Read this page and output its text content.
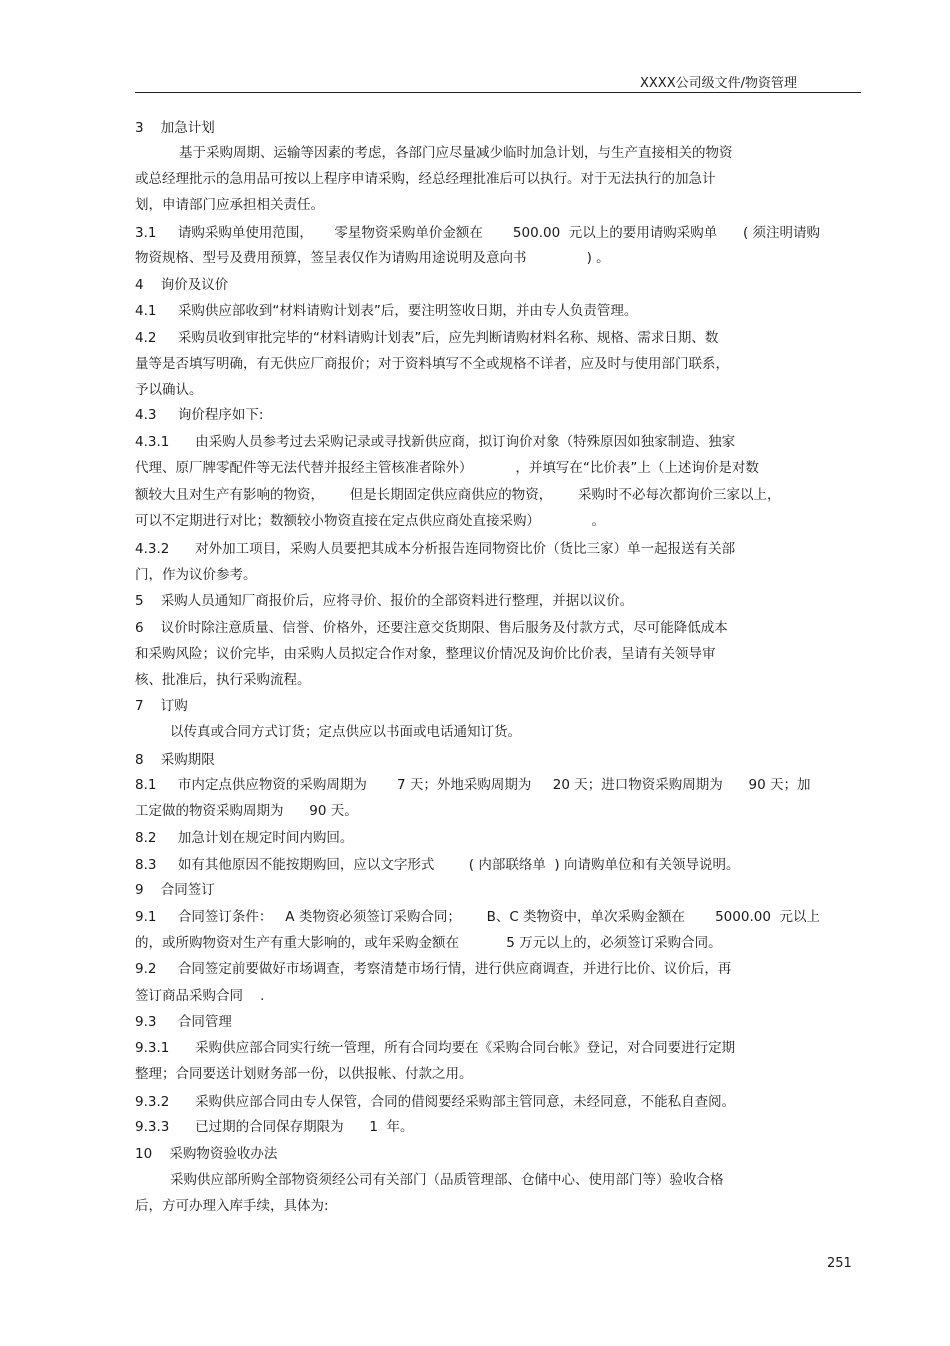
XXXX公司级文件/物资管理
3    加急计划
基于采购周期、运输等因素的考虑，各部门应尽量减少临时加急计划，与生产直接相关的物资
或总经理批示的急用品可按以上程序申请采购，经总经理批准后可以执行。对于无法执行的加急计
划，申请部门应承担相关责任。
3.1     请购采购单使用范围，     零星物资采购单价金额在       500.00  元以上的要用请购采购单      ( 须注明请购
物资规格、型号及费用预算，签呈表仅作为请购用途说明及意向书              ) 。
4    询价及议价
4.1     采购供应部收到“材料请购计划表”后，要注明签收日期，并由专人负责管理。
4.2     采购员收到审批完毕的“材料请购计划表”后，应先判断请购材料名称、规格、需求日期、数
量等是否填写明确，有无供应厂商报价；对于资料填写不全或规格不详者，应及时与使用部门联系，
予以确认。
4.3     询价程序如下:
4.3.1      由采购人员参考过去采购记录或寻找新供应商，拟订询价对象（特殊原因如独家制造、独家
代理、原厂牌零配件等无法代替并报经主管核准者除外）          ，并填写在“比价表”上（上述询价是对数
额较大且对生产有影响的物资，      但是长期固定供应商供应的物资，      采购时不必每次都询价三家以上，
可以不定期进行对比；数额较小物资直接在定点供应商处直接采购）            。
4.3.2      对外加工项目，采购人员要把其成本分析报告连同物资比价（货比三家）单一起报送有关部
门，作为议价参考。
5    采购人员通知厂商报价后，应将寻价、报价的全部资料进行整理，并据以议价。
6    议价时除注意质量、信誉、价格外，还要注意交货期限、售后服务及付款方式，尽可能降低成本
和采购风险；议价完毕，由采购人员拟定合作对象，整理议价情况及询价比价表，呈请有关领导审
核、批准后，执行采购流程。
7    订购
以传真或合同方式订货；定点供应以书面或电话通知订货。
8    采购期限
8.1     市内定点供应物资的采购周期为       7 天；外地采购周期为     20 天；进口物资采购周期为      90 天；加
工定做的物资采购周期为      90 天。
8.2     加急计划在规定时间内购回。
8.3     如有其他原因不能按期购回，应以文字形式        ( 内部联络单  ) 向请购单位和有关领导说明。
9    合同签订
9.1     合同签订条件：   A 类物资必须签订采购合同；      B、C 类物资中，单次采购金额在       5000.00  元以上
的，或所购物资对生产有重大影响的，或年采购金额在           5 万元以上的，必须签订采购合同。
9.2     合同签定前要做好市场调查，考察清楚市场行情，进行供应商调查，并进行比价、议价后，再
签订商品采购合同    .
9.3     合同管理
9.3.1      采购供应部合同实行统一管理，所有合同均要在《采购合同台帐》登记，对合同要进行定期
整理；合同要送计划财务部一份，以供报帐、付款之用。
9.3.2      采购供应部合同由专人保管，合同的借阅要经采购部主管同意，未经同意，不能私自查阅。
9.3.3      已过期的合同保存期限为      1  年。
10    采购物资验收办法
采购供应部所购全部物资须经公司有关部门（品质管理部、仓储中心、使用部门等）验收合格
后，方可办理入库手续，具体为:
251
